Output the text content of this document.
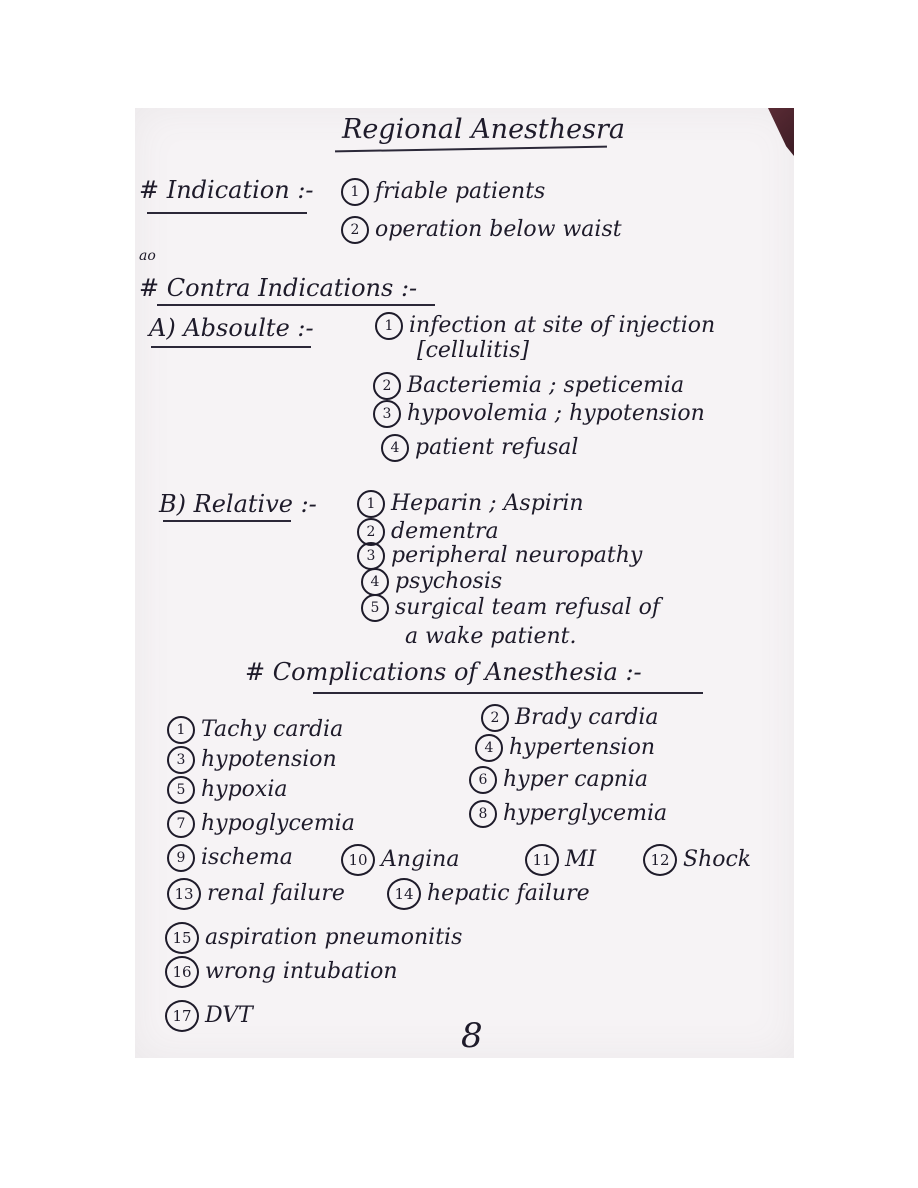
Regional Anesthesra
# Indication :-	1 friable patients
2 operation below waist
ao
# Contra Indications :-
A) Absoulte :-	1 infection at site of injection
[cellulitis]
2 Bacteriemia ; speticemia
3 hypovolemia ; hypotension
4 patient refusal
B) Relative :-	1 Heparin ; Aspirin
2 dementra
3 peripheral neuropathy
4 psychosis
5 surgical team refusal of
a wake patient.
# Complications of Anesthesia :-
1 Tachy cardia	2 Brady cardia
3 hypotension	4 hypertension
5 hypoxia	6 hyper capnia
7 hypoglycemia	8 hyperglycemia
9 ischema	10 Angina	11 MI	12 Shock
13 renal failure	14 hepatic failure
15 aspiration pneumonitis
16 wrong intubation
17 DVT
8
